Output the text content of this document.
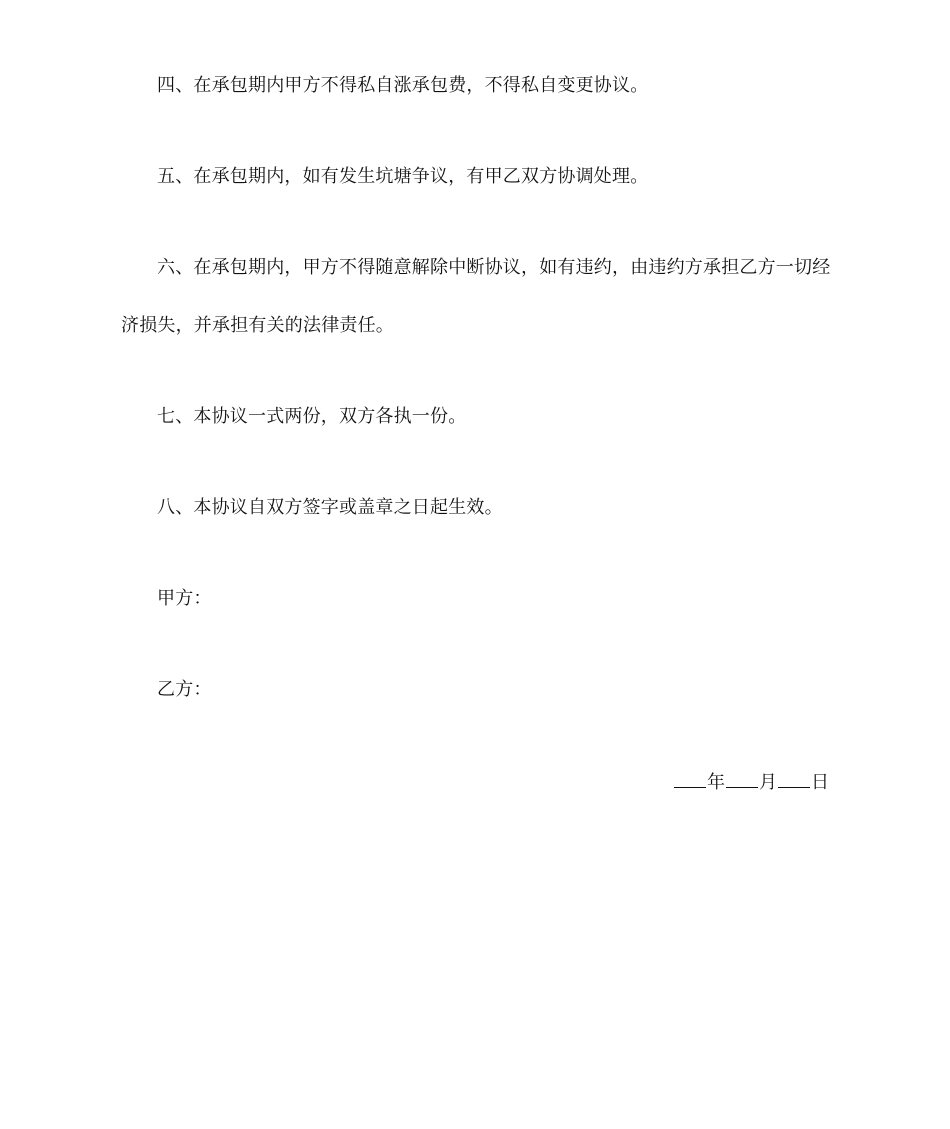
四、在承包期内甲方不得私自涨承包费，不得私自变更协议。
五、在承包期内，如有发生坑塘争议，有甲乙双方协调处理。
六、在承包期内，甲方不得随意解除中断协议，如有违约，由违约方承担乙方一切经
济损失，并承担有关的法律责任。
七、本协议一式两份，双方各执一份。
八、本协议自双方签字或盖章之日起生效。
甲方：
乙方：
年 月 日
